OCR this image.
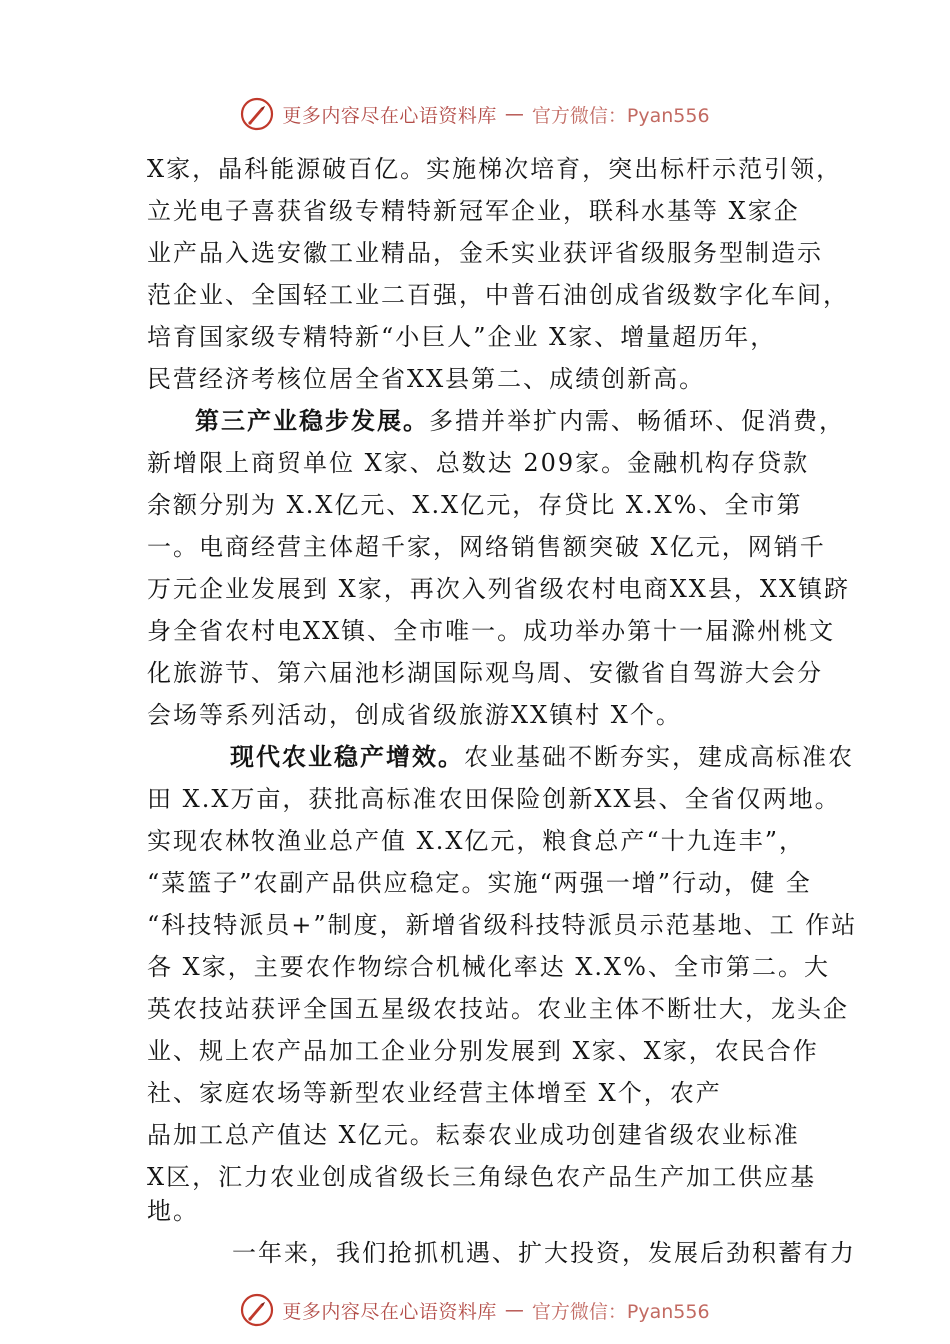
更多内容尽在心语资料库 — 官方微信：Pyan556
X家，晶科能源破百亿。实施梯次培育，突出标杆示范引领，
立光电子喜获省级专精特新冠军企业，联科水基等 X家企
业产品入选安徽工业精品，金禾实业获评省级服务型制造示
范企业、全国轻工业二百强，中普石油创成省级数字化车间，
培育国家级专精特新“小巨人”企业 X家、增量超历年，
民营经济考核位居全省XX县第二、成绩创新高。
第三产业稳步发展。多措并举扩内需、畅循环、促消费，
新增限上商贸单位 X家、总数达 209家。金融机构存贷款
余额分别为 X.X亿元、X.X亿元，存贷比 X.X%、全市第
一。电商经营主体超千家，网络销售额突破 X亿元，网销千
万元企业发展到 X家，再次入列省级农村电商XX县，XX镇跻
身全省农村电XX镇、全市唯一。成功举办第十一届滁州桃文
化旅游节、第六届池杉湖国际观鸟周、安徽省自驾游大会分
会场等系列活动，创成省级旅游XX镇村 X个。
现代农业稳产增效。农业基础不断夯实，建成高标准农
田 X.X万亩，获批高标准农田保险创新XX县、全省仅两地。
实现农林牧渔业总产值 X.X亿元，粮食总产“十九连丰”，
“菜篮子”农副产品供应稳定。实施“两强一增”行动，健 全
“科技特派员+”制度，新增省级科技特派员示范基地、工 作站
各 X家，主要农作物综合机械化率达 X.X%、全市第二。大
英农技站获评全国五星级农技站。农业主体不断壮大，龙头企
业、规上农产品加工企业分别发展到 X家、X家，农民合作
社、家庭农场等新型农业经营主体增至 X个，农产
品加工总产值达 X亿元。耘泰农业成功创建省级农业标准
X区，汇力农业创成省级长三角绿色农产品生产加工供应基
地。
一年来，我们抢抓机遇、扩大投资，发展后劲积蓄有力
更多内容尽在心语资料库 — 官方微信：Pyan556
